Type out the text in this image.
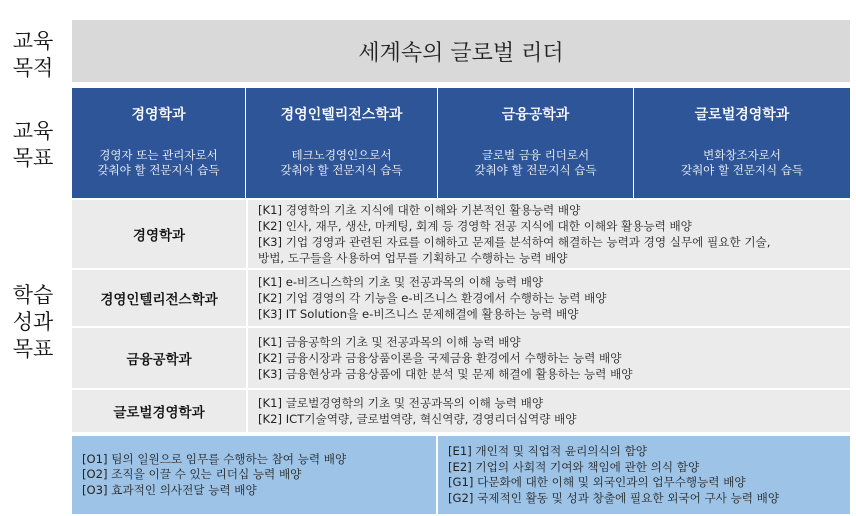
교육
목적
교육
목표
학습
성과
목표
세계속의 글로벌 리더
경영학과
경영자 또는 관리자로서
갖춰야 할 전문지식 습득
경영인텔리전스학과
테크노경영인으로서
갖춰야 할 전문지식 습득
금융공학과
글로벌 금융 리더로서
갖춰야 할 전문지식 습득
글로벌경영학과
변화창조자로서
갖춰야 할 전문지식 습득
경영학과
[K1] 경영학의 기초 지식에 대한 이해와 기본적인 활용능력 배양
[K2] 인사, 재무, 생산, 마케팅, 회계 등 경영학 전공 지식에 대한 이해와 활용능력 배양
[K3] 기업 경영과 관련된 자료를 이해하고 문제를 분석하여 해결하는 능력과 경영 실무에 필요한 기술,
방법, 도구들을 사용하여 업무를 기획하고 수행하는 능력 배양
경영인텔리전스학과
[K1] e-비즈니스학의 기초 및 전공과목의 이해 능력 배양
[K2] 기업 경영의 각 기능을 e-비즈니스 환경에서 수행하는 능력 배양
[K3] IT Solution을 e-비즈니스 문제해결에 활용하는 능력 배양
금융공학과
[K1] 금융공학의 기초 및 전공과목의 이해 능력 배양
[K2] 금융시장과 금융상품이론을 국제금융 환경에서 수행하는 능력 배양
[K3] 금융현상과 금융상품에 대한 분석 및 문제 해결에 활용하는 능력 배양
글로벌경영학과
[K1] 글로벌경영학의 기초 및 전공과목의 이해 능력 배양
[K2] ICT기술역량, 글로벌역량, 혁신역량, 경영리더십역량 배양
[O1] 팀의 일원으로 임무를 수행하는 참여 능력 배양
[O2] 조직을 이끌 수 있는 리더십 능력 배양
[O3] 효과적인 의사전달 능력 배양
[E1] 개인적 및 직업적 윤리의식의 함양
[E2] 기업의 사회적 기여와 책임에 관한 의식 함양
[G1] 다문화에 대한 이해 및 외국인과의 업무수행능력 배양
[G2] 국제적인 활동 및 성과 창출에 필요한 외국어 구사 능력 배양
